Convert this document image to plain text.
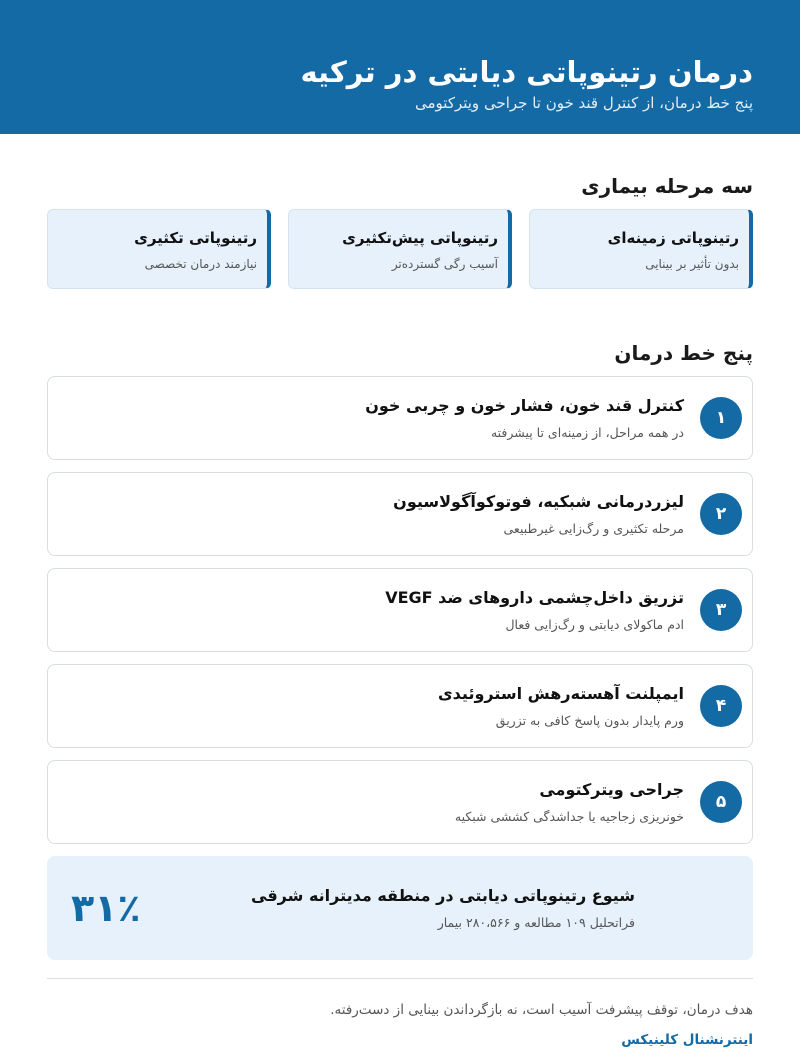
درمان رتینوپاتی دیابتی در ترکیه

پنج خط درمان، از کنترل قند خون تا جراحی ویترکتومی

سه مرحله بیماری
رتینوپاتی زمینه‌ای
بدون تأثیر بر بینایی
رتینوپاتی پیش‌تکثیری
آسیب رگی گسترده‌تر
رتینوپاتی تکثیری
نیازمند درمان تخصصی
پنج خط درمان
۱
کنترل قند خون، فشار خون و چربی خون
در همه مراحل، از زمینه‌ای تا پیشرفته
۲
لیزردرمانی شبکیه، فوتوکوآگولاسیون
مرحله تکثیری و رگ‌زایی غیرطبیعی
۳
تزریق داخل‌چشمی داروهای ضد VEGF
ادم ماکولای دیابتی و رگ‌زایی فعال
۴
ایمپلنت آهسته‌رهش استروئیدی
ورم پایدار بدون پاسخ کافی به تزریق
۵
جراحی ویترکتومی
خونریزی زجاجیه یا جداشدگی کششی شبکیه
شیوع رتینوپاتی دیابتی در منطقه مدیترانه شرقی
فراتحلیل ۱۰۹ مطالعه و ۲۸۰،۵۶۶ بیمار
۳۱٪

هدف درمان، توقف پیشرفت آسیب است، نه بازگرداندن بینایی از دست‌رفته.

اینترنشنال کلینیکس
